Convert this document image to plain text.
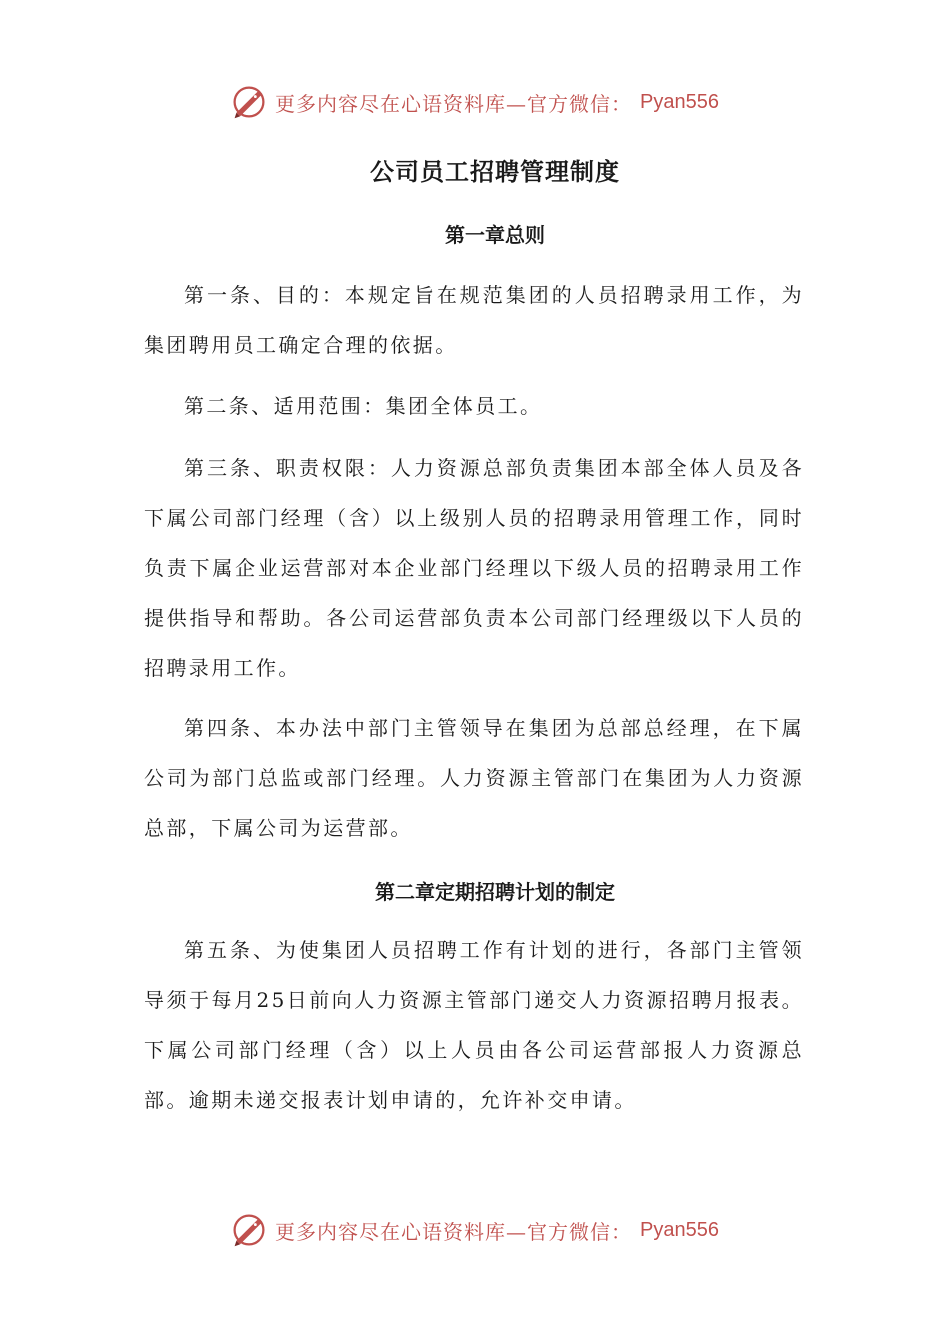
更多内容尽在心语资料库—官方微信： Pyan556
公司员工招聘管理制度
第一章总则

第一条、目的：本规定旨在规范集团的人员招聘录用工作，为集团聘用员工确定合理的依据。

第二条、适用范围：集团全体员工。

第三条、职责权限：人力资源总部负责集团本部全体人员及各下属公司部门经理（含）以上级别人员的招聘录用管理工作，同时负责下属企业运营部对本企业部门经理以下级人员的招聘录用工作提供指导和帮助。各公司运营部负责本公司部门经理级以下人员的招聘录用工作。

第四条、本办法中部门主管领导在集团为总部总经理，在下属公司为部门总监或部门经理。人力资源主管部门在集团为人力资源总部，下属公司为运营部。

第二章定期招聘计划的制定

第五条、为使集团人员招聘工作有计划的进行，各部门主管领导须于每月25日前向人力资源主管部门递交人力资源招聘月报表。下属公司部门经理（含）以上人员由各公司运营部报人力资源总部。逾期未递交报表计划申请的，允许补交申请。

更多内容尽在心语资料库—官方微信： Pyan556
